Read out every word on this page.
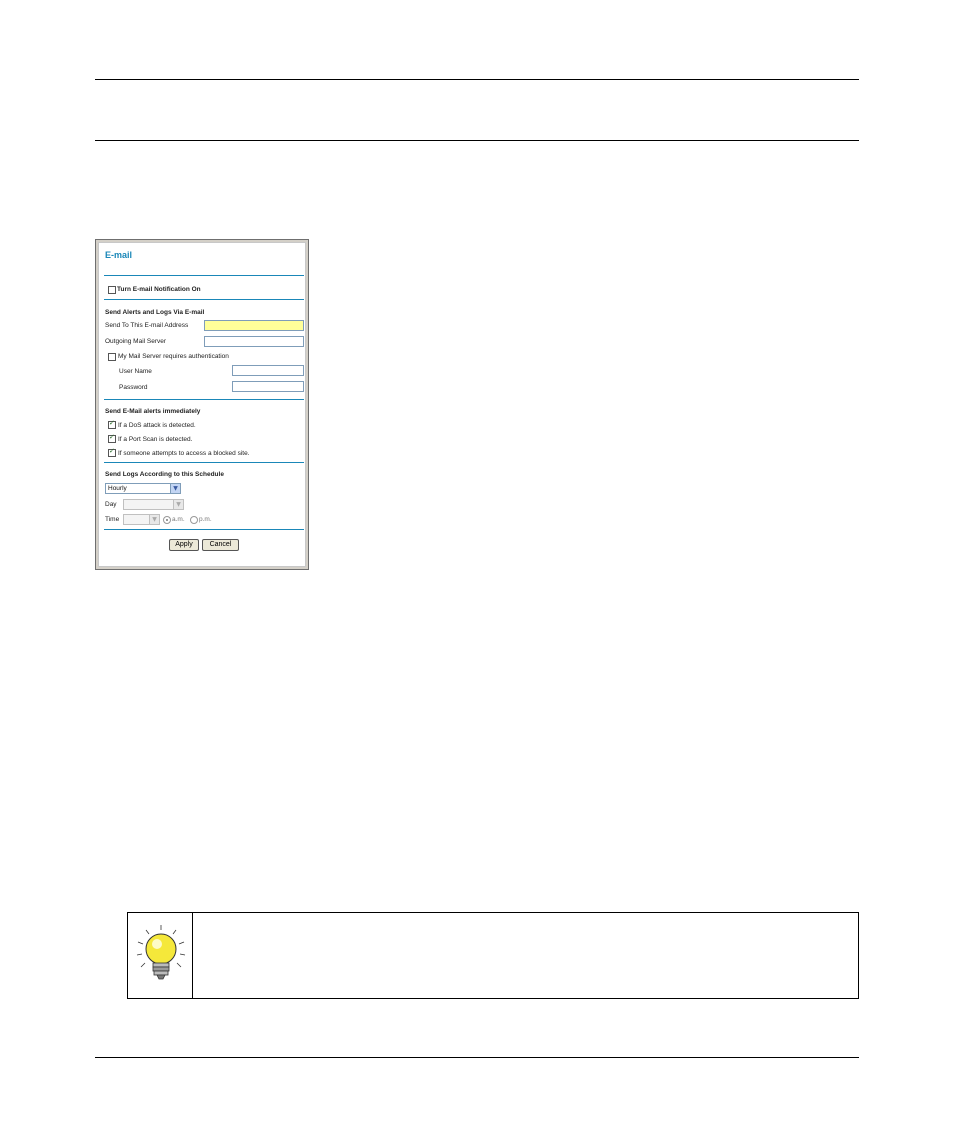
E-mail
Turn E-mail Notification On
Send Alerts and Logs Via E-mail
Send To This E-mail Address
Outgoing Mail Server
My Mail Server requires authentication
User Name
Password
Send E-Mail alerts immediately
✓
If a DoS attack is detected.
✓
If a Port Scan is detected.
✓
If someone attempts to access a blocked site.
Send Logs According to this Schedule
Hourly	▼
Day	▼
Time	▼	a.m. p.m.
Apply	Cancel
